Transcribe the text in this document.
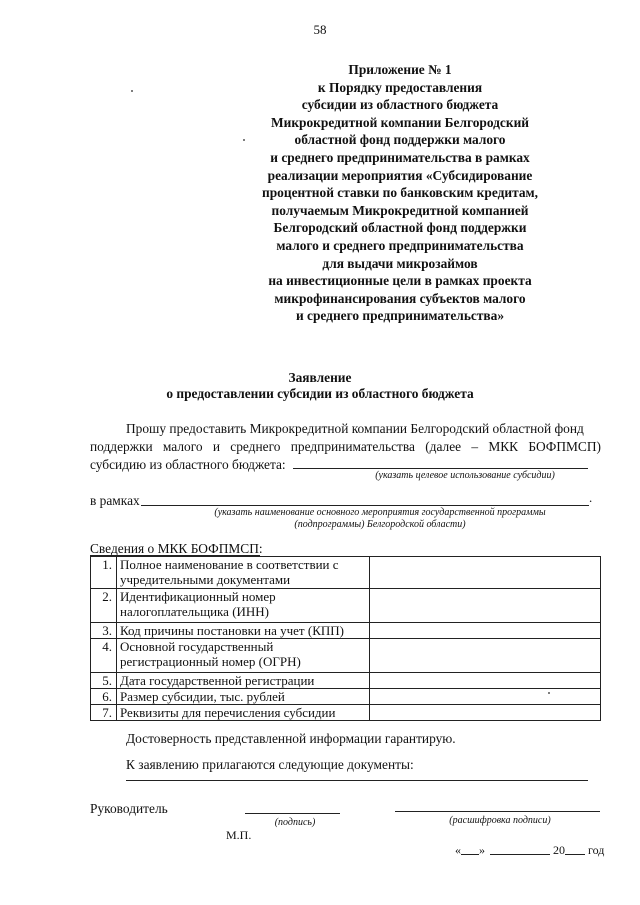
58
Приложение № 1
к Порядку предоставления
субсидии из областного бюджета
Микрокредитной компании Белгородский
областной фонд поддержки малого
и среднего предпринимательства в рамках
реализации мероприятия «Субсидирование
процентной ставки по банковским кредитам,
получаемым Микрокредитной компанией
Белгородский областной фонд поддержки
малого и среднего предпринимательства
для выдачи микрозаймов
на инвестиционные цели в рамках проекта
микрофинансирования субъектов малого
и среднего предпринимательства»
Заявление
о предоставлении субсидии из областного бюджета
Прошу предоставить Микрокредитной компании Белгородский областной фонд
поддержки малого и среднего предпринимательства (далее – МКК БОФПМСП)
субсидию из областного бюджета:
(указать целевое использование субсидии)
в рамках	.
(указать наименование основного мероприятия государственной программы
(подпрограммы) Белгородской области)
Сведения о МКК БОФПМСП:
1.	Полное наименование в соответствии с учредительными документами	
2.	Идентификационный номер налогоплательщика (ИНН)	
3.	Код причины постановки на учет (КПП)	
4.	Основной государственный регистрационный номер (ОГРН)	
5.	Дата государственной регистрации	
6.	Размер субсидии, тыс. рублей	
7.	Реквизиты для перечисления субсидии	
Достоверность представленной информации гарантирую.
К заявлению прилагаются следующие документы:
Руководитель
(подпись)	(расшифровка подписи)
М.П.
« »	20 год
